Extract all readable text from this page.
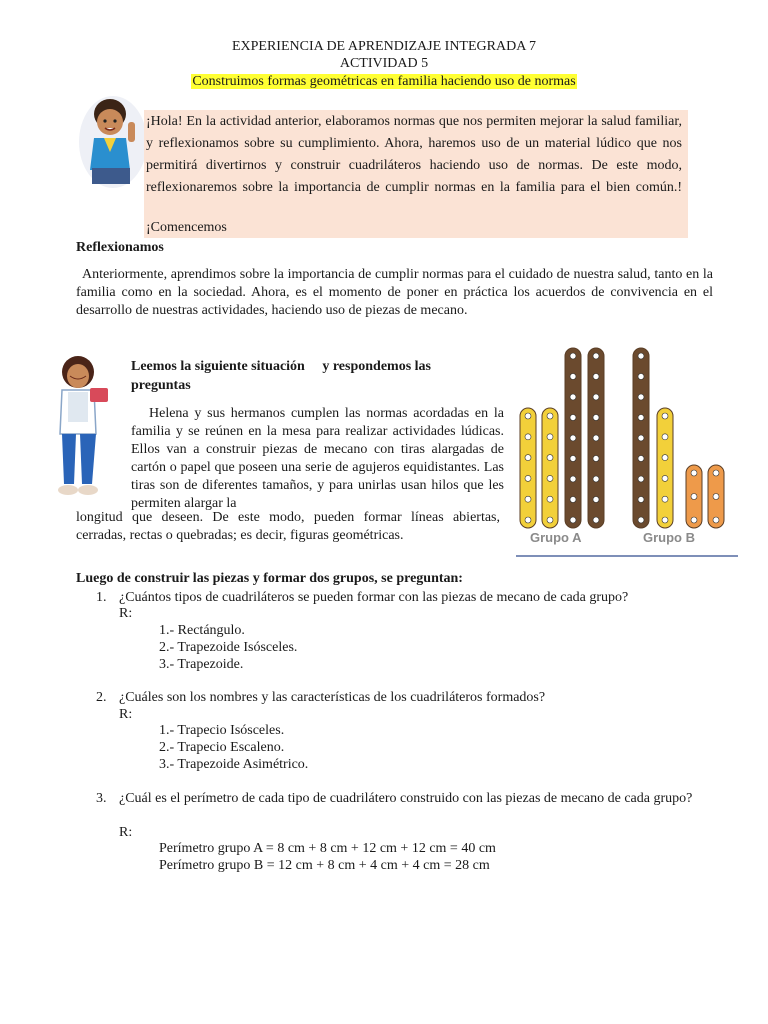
EXPERIENCIA DE APRENDIZAJE INTEGRADA 7
ACTIVIDAD 5
Construimos formas geométricas en familia haciendo uso de normas

¡Hola! En la actividad anterior, elaboramos normas que nos permiten mejorar la salud familiar, y reflexionamos sobre su cumplimiento. Ahora, haremos uso de un material lúdico que nos permitirá divertirnos y construir cuadriláteros haciendo uso de normas. De este modo, reflexionaremos sobre la importancia de cumplir normas en la familia para el bien común.!

¡Comencemos
Reflexionamos
Anteriormente, aprendimos sobre la importancia de cumplir normas para el cuidado de nuestra salud, tanto en la familia como en la sociedad. Ahora, es el momento de poner en práctica los acuerdos de convivencia en el desarrollo de nuestras actividades, haciendo uso de piezas de mecano.
Leemos la siguiente situación     y respondemos las preguntas
Helena y sus hermanos cumplen las normas acordadas en la familia y se reúnen en la mesa para realizar actividades lúdicas. Ellos van a construir piezas de mecano con tiras alargadas de cartón o papel que poseen una serie de agujeros equidistantes. Las tiras son de diferentes tamaños, y para unirlas usan hilos que les permiten alargar la
longitud que deseen. De este modo, pueden formar líneas abiertas, cerradas, rectas o quebradas; es decir, figuras geométricas.	Grupo A	Grupo B
Luego de construir las piezas y formar dos grupos, se preguntan:
1. ¿Cuántos tipos de cuadriláteros se pueden formar con las piezas de mecano de cada grupo?
R:
1.- Rectángulo.
2.- Trapezoide Isósceles.
3.- Trapezoide.
2. ¿Cuáles son los nombres y las características de los cuadriláteros formados?
R:
1.- Trapecio Isósceles.
2.- Trapecio Escaleno.
3.- Trapezoide Asimétrico.
3. ¿Cuál es el perímetro de cada tipo de cuadrilátero construido con las piezas de mecano de cada grupo?
R:
Perímetro grupo A = 8 cm + 8 cm + 12 cm + 12 cm = 40 cm
Perímetro grupo B = 12 cm + 8 cm + 4 cm + 4 cm = 28 cm
